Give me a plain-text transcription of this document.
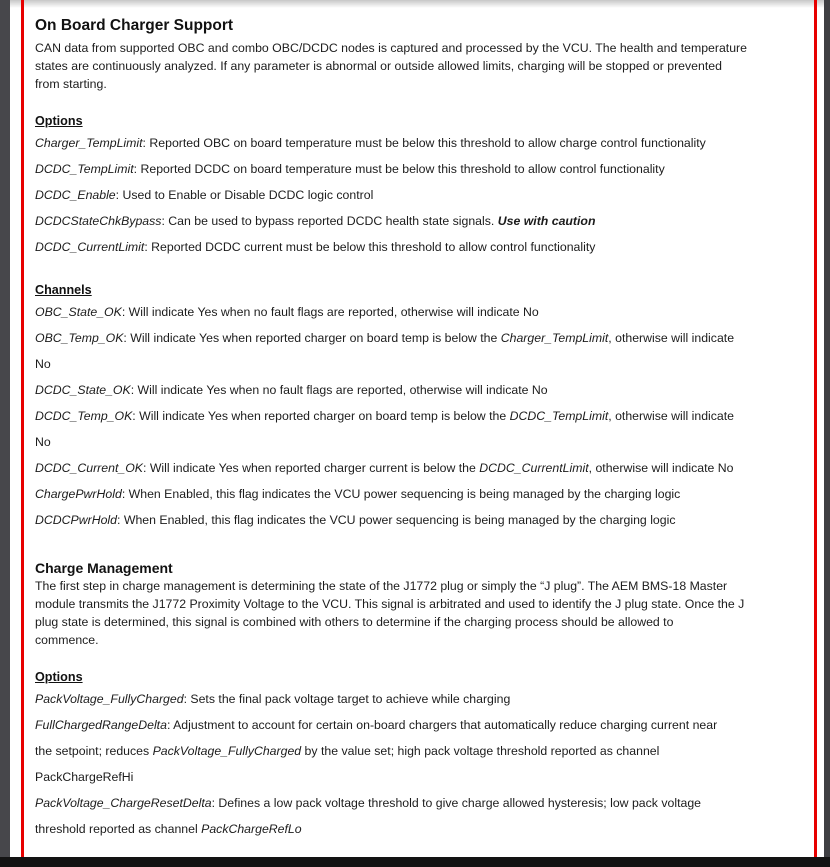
On Board Charger Support
CAN data from supported OBC and combo OBC/DCDC nodes is captured and processed by the VCU. The health and temperature
states are continuously analyzed. If any parameter is abnormal or outside allowed limits, charging will be stopped or prevented
from starting.
Options
Charger_TempLimit: Reported OBC on board temperature must be below this threshold to allow charge control functionality
DCDC_TempLimit: Reported DCDC on board temperature must be below this threshold to allow control functionality
DCDC_Enable: Used to Enable or Disable DCDC logic control
DCDCStateChkBypass: Can be used to bypass reported DCDC health state signals. Use with caution
DCDC_CurrentLimit: Reported DCDC current must be below this threshold to allow control functionality
Channels
OBC_State_OK: Will indicate Yes when no fault flags are reported, otherwise will indicate No
OBC_Temp_OK: Will indicate Yes when reported charger on board temp is below the Charger_TempLimit, otherwise will indicate
No
DCDC_State_OK: Will indicate Yes when no fault flags are reported, otherwise will indicate No
DCDC_Temp_OK: Will indicate Yes when reported charger on board temp is below the DCDC_TempLimit, otherwise will indicate
No
DCDC_Current_OK: Will indicate Yes when reported charger current is below the DCDC_CurrentLimit, otherwise will indicate No
ChargePwrHold: When Enabled, this flag indicates the VCU power sequencing is being managed by the charging logic
DCDCPwrHold: When Enabled, this flag indicates the VCU power sequencing is being managed by the charging logic
Charge Management
The first step in charge management is determining the state of the J1772 plug or simply the “J plug”. The AEM BMS-18 Master
module transmits the J1772 Proximity Voltage to the VCU. This signal is arbitrated and used to identify the J plug state. Once the J
plug state is determined, this signal is combined with others to determine if the charging process should be allowed to
commence.
Options
PackVoltage_FullyCharged: Sets the final pack voltage target to achieve while charging
FullChargedRangeDelta: Adjustment to account for certain on-board chargers that automatically reduce charging current near
the setpoint; reduces PackVoltage_FullyCharged by the value set; high pack voltage threshold reported as channel
PackChargeRefHi
PackVoltage_ChargeResetDelta: Defines a low pack voltage threshold to give charge allowed hysteresis; low pack voltage
threshold reported as channel PackChargeRefLo
